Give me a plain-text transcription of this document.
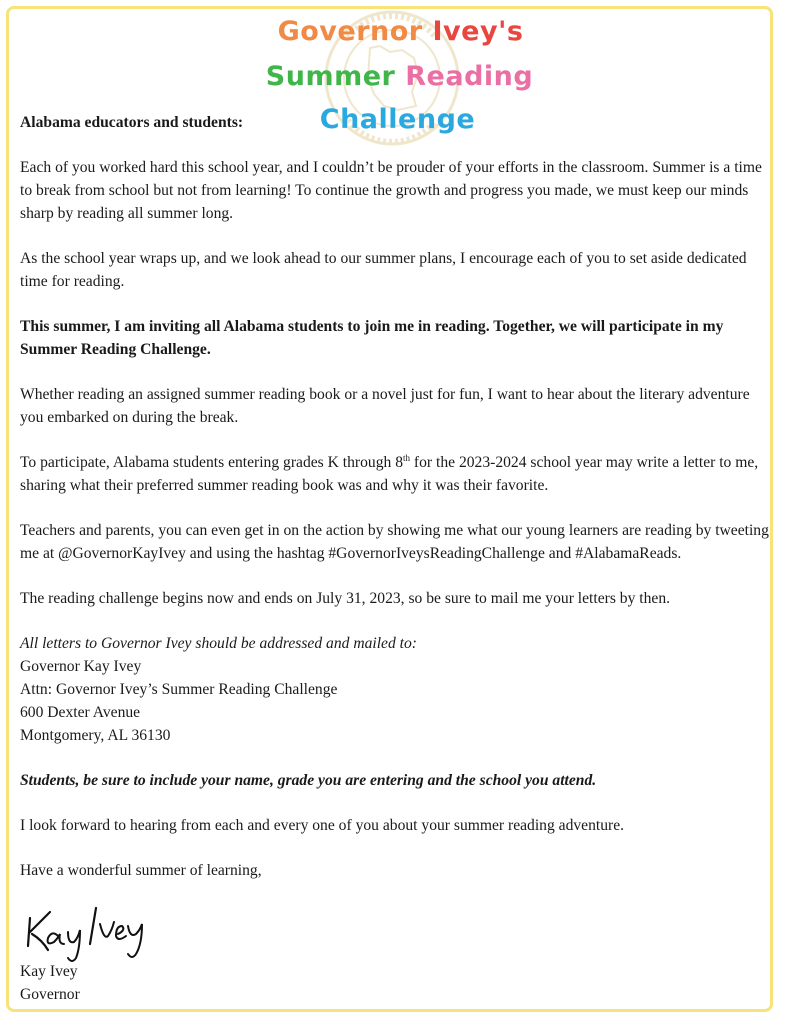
Governor Ivey's
Summer Reading
Challenge

Alabama educators and students:

Each of you worked hard this school year, and I couldn’t be prouder of your efforts in the classroom. Summer is a time to break from school but not from learning! To continue the growth and progress you made, we must keep our minds sharp by reading all summer long.

As the school year wraps up, and we look ahead to our summer plans, I encourage each of you to set aside dedicated time for reading.

This summer, I am inviting all Alabama students to join me in reading. Together, we will participate in my Summer Reading Challenge.

Whether reading an assigned summer reading book or a novel just for fun, I want to hear about the literary adventure you embarked on during the break.

To participate, Alabama students entering grades K through 8th for the 2023-2024 school year may write a letter to me, sharing what their preferred summer reading book was and why it was their favorite.

Teachers and parents, you can even get in on the action by showing me what our young learners are reading by tweeting me at @GovernorKayIvey and using the hashtag #GovernorIveysReadingChallenge and #AlabamaReads.

The reading challenge begins now and ends on July 31, 2023, so be sure to mail me your letters by then.

All letters to Governor Ivey should be addressed and mailed to:
Governor Kay Ivey
Attn: Governor Ivey’s Summer Reading Challenge
600 Dexter Avenue
Montgomery, AL 36130

Students, be sure to include your name, grade you are entering and the school you attend.

I look forward to hearing from each and every one of you about your summer reading adventure.

Have a wonderful summer of learning,

Kay Ivey
Governor
